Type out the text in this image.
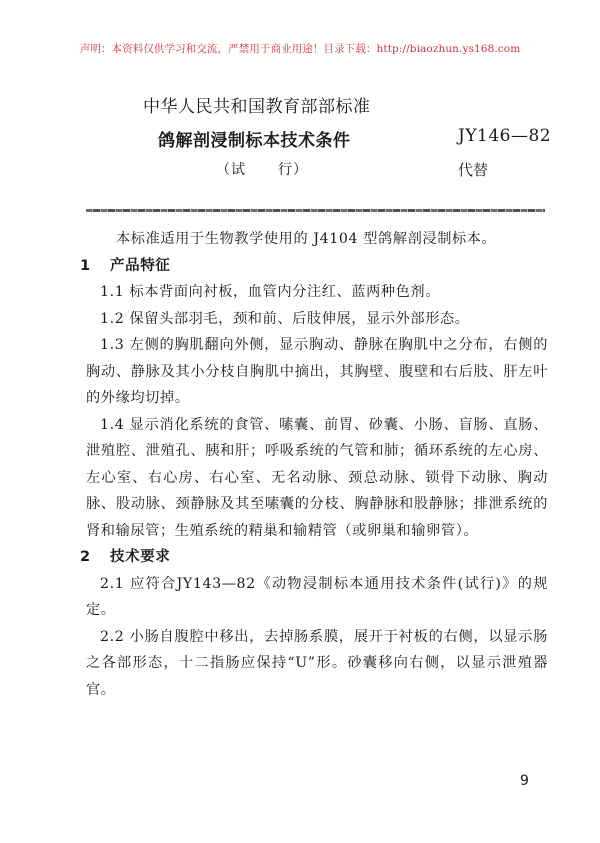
声明：本资料仅供学习和交流，严禁用于商业用途！目录下载：http://biaozhun.ys168.com
中华人民共和国教育部部标准
鸽解剖浸制标本技术条件	JY146—82
（试 行）	代替

本标准适用于生物教学使用的 J4104 型鸽解剖浸制标本。

1 产品特征

1.1 标本背面向衬板，血管内分注红、蓝两种色剂。

1.2 保留头部羽毛，颈和前、后肢伸展，显示外部形态。

1.3 左侧的胸肌翻向外侧，显示胸动、静脉在胸肌中之分布，右侧的胸动、静脉及其小分枝自胸肌中摘出，其胸壁、腹壁和右后肢、肝左叶的外缘均切掉。

1.4 显示消化系统的食管、嗉囊、前胃、砂囊、小肠、盲肠、直肠、泄殖腔、泄殖孔、胰和肝；呼吸系统的气管和肺；循环系统的左心房、左心室、右心房、右心室、无名动脉、颈总动脉、锁骨下动脉、胸动脉、股动脉、颈静脉及其至嗉囊的分枝、胸静脉和股静脉；排泄系统的肾和输尿管；生殖系统的精巢和输精管（或卵巢和输卵管）。

2 技术要求

2.1 应符合JY143—82《动物浸制标本通用技术条件(试行)》的规定。

2.2 小肠自腹腔中移出，去掉肠系膜，展开于衬板的右侧，以显示肠之各部形态，十二指肠应保持“U”形。砂囊移向右侧，以显示泄殖器官。

9
